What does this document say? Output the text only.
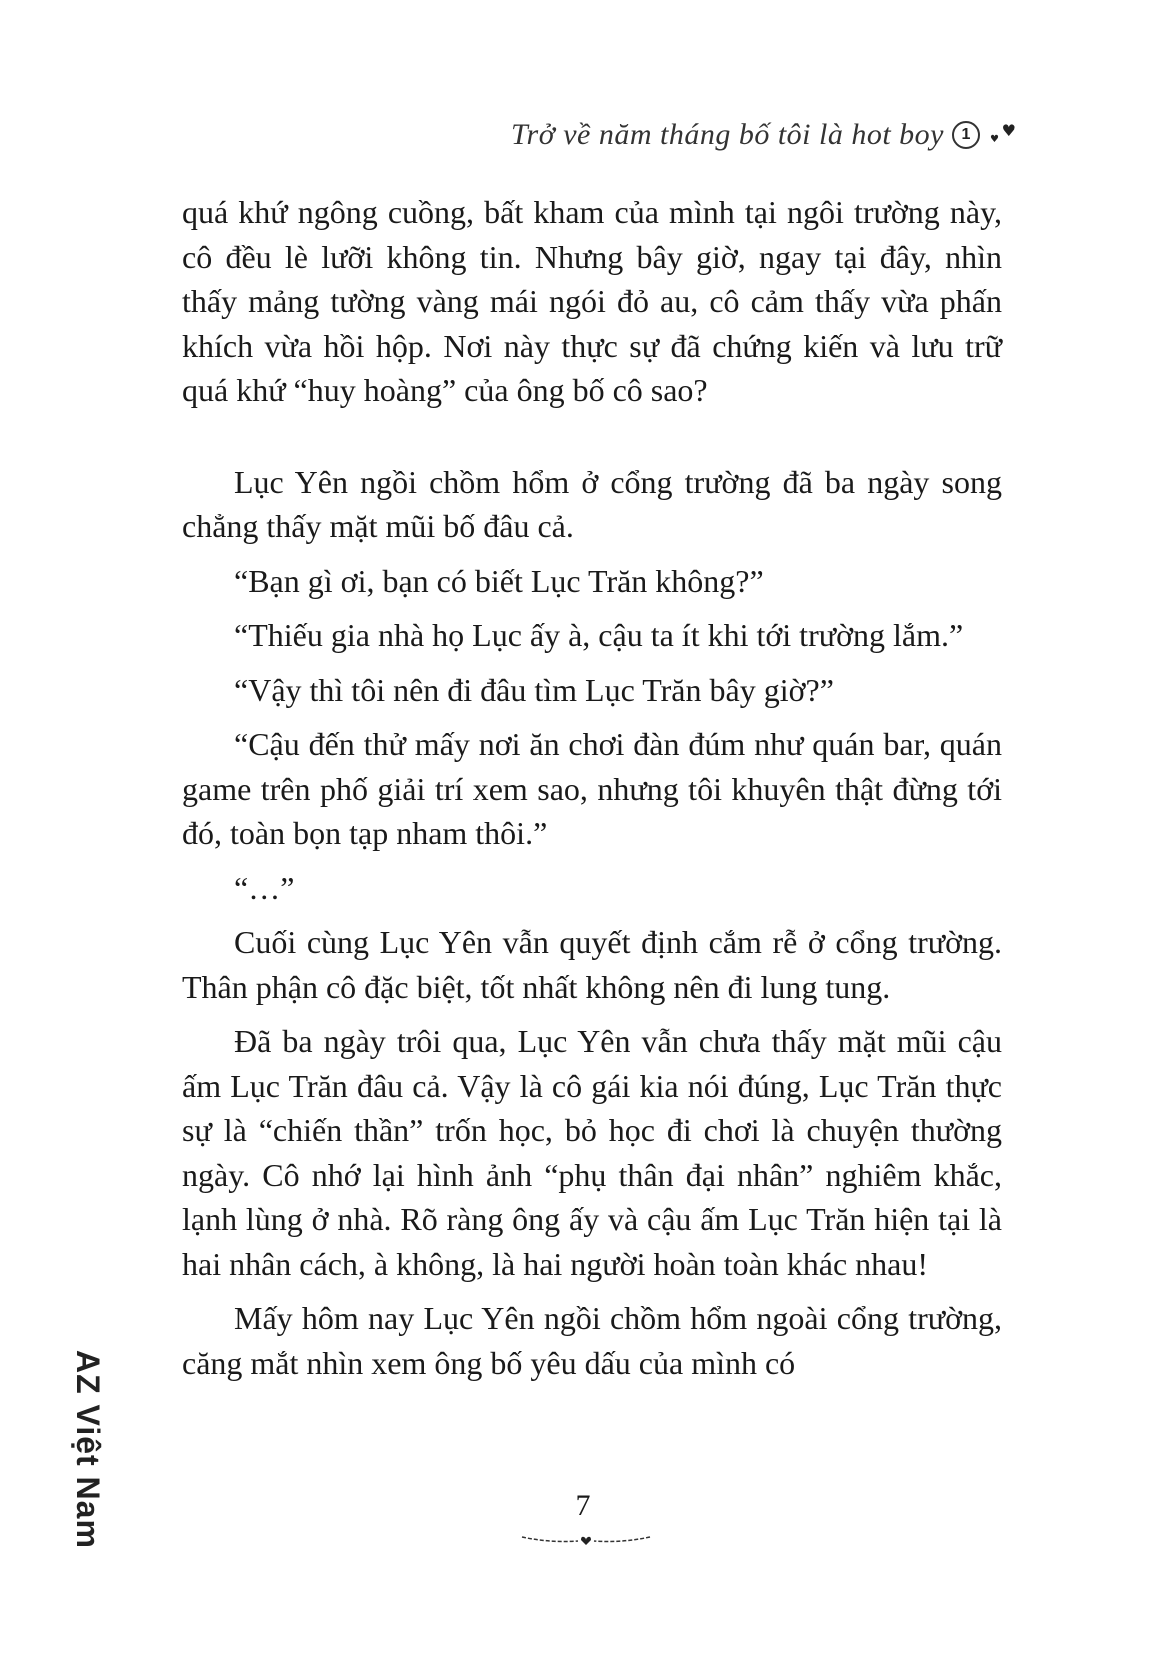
Trở về năm tháng bố tôi là hot boy	1	♥
♥

quá khứ ngông cuồng, bất kham của mình tại ngôi trường này, cô đều lè lưỡi không tin. Nhưng bây giờ, ngay tại đây, nhìn thấy mảng tường vàng mái ngói đỏ au, cô cảm thấy vừa phấn khích vừa hồi hộp. Nơi này thực sự đã chứng kiến và lưu trữ quá khứ “huy hoàng” của ông bố cô sao?

Lục Yên ngồi chồm hổm ở cổng trường đã ba ngày song chẳng thấy mặt mũi bố đâu cả.

“Bạn gì ơi, bạn có biết Lục Trăn không?”

“Thiếu gia nhà họ Lục ấy à, cậu ta ít khi tới trường lắm.”

“Vậy thì tôi nên đi đâu tìm Lục Trăn bây giờ?”

“Cậu đến thử mấy nơi ăn chơi đàn đúm như quán bar, quán game trên phố giải trí xem sao, nhưng tôi khuyên thật đừng tới đó, toàn bọn tạp nham thôi.”

“…”

Cuối cùng Lục Yên vẫn quyết định cắm rễ ở cổng trường. Thân phận cô đặc biệt, tốt nhất không nên đi lung tung.

Đã ba ngày trôi qua, Lục Yên vẫn chưa thấy mặt mũi cậu ấm Lục Trăn đâu cả. Vậy là cô gái kia nói đúng, Lục Trăn thực sự là “chiến thần” trốn học, bỏ học đi chơi là chuyện thường ngày. Cô nhớ lại hình ảnh “phụ thân đại nhân” nghiêm khắc, lạnh lùng ở nhà. Rõ ràng ông ấy và cậu ấm Lục Trăn hiện tại là hai nhân cách, à không, là hai người hoàn toàn khác nhau!

Mấy hôm nay Lục Yên ngồi chồm hổm ngoài cổng trường, căng mắt nhìn xem ông bố yêu dấu của mình có

AZ Việt Nam	7
